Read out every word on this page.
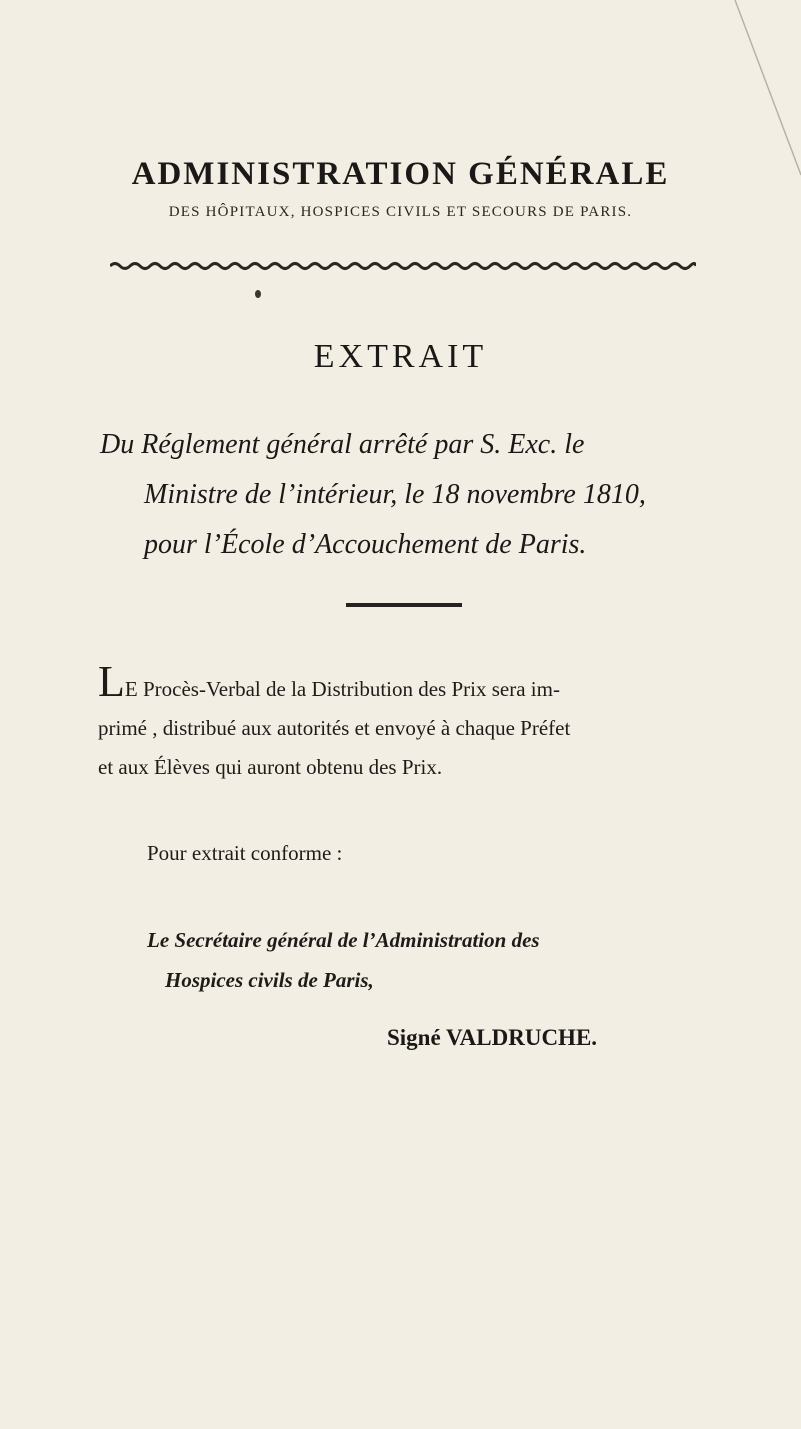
ADMINISTRATION GÉNÉRALE
DES HÔPITAUX, HOSPICES CIVILS ET SECOURS DE PARIS.
EXTRAIT
Du Réglement général arrêté par S. Exc. le
Ministre de l’intérieur, le 18 novembre 1810,
pour l’École d’Accouchement de Paris.
LE Procès-Verbal de la Distribution des Prix sera im-
primé , distribué aux autorités et envoyé à chaque Préfet
et aux Élèves qui auront obtenu des Prix.
Pour extrait conforme :
Le Secrétaire général de l’Administration des
Hospices civils de Paris,
Signé VALDRUCHE.
